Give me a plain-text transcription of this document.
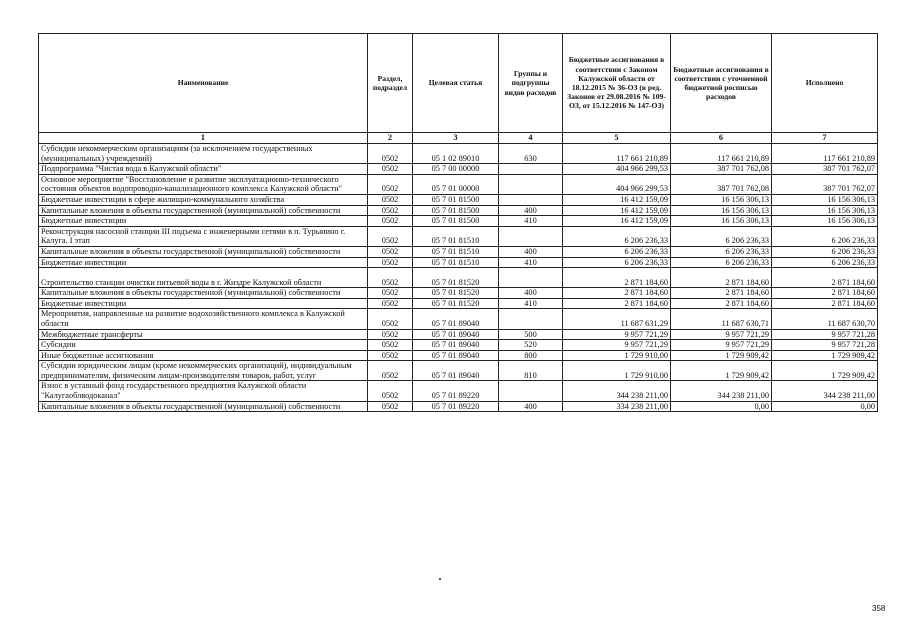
Наименование	Раздел, подраздел	Целевая статья	Группы и подгруппы видов расходов	Бюджетные ассигнования в соответствии с Законом Калужской области от 18.12.2015 № 36-ОЗ (в ред. Законов от 29.08.2016 № 109-ОЗ, от 15.12.2016 № 147-ОЗ)	Бюджетные ассигнования в соответствии с уточненной бюджетной росписью расходов	Исполнено
1	2	3	4	5	6	7
Субсидии некоммерческим организациям (за исключением государственных (муниципальных) учреждений)	0502	05 1 02 89010	630	117 661 210,89	117 661 210,89	117 661 210,89
Подпрограмма "Чистая вода в Калужской области"	0502	05 7 00 00000		404 966 299,53	387 701 762,08	387 701 762,07
Основное мероприятие "Восстановление и развитие эксплуатационно-технического состояния объектов водопроводно-канализационного комплекса Калужской области"	0502	05 7 01 00000		404 966 299,53	387 701 762,08	387 701 762,07
Бюджетные инвестиции в сфере жилищно-коммунального хозяйства	0502	05 7 01 81500		16 412 159,09	16 156 306,13	16 156 306,13
Капитальные вложения в объекты государственной (муниципальной) собственности	0502	05 7 01 81500	400	16 412 159,09	16 156 306,13	16 156 306,13
Бюджетные инвестиции	0502	05 7 01 81500	410	16 412 159,09	16 156 306,13	16 156 306,13
Реконструкция насосной станции III подъема с инженерными сетями в п. Турынино г. Калуга. I этап	0502	05 7 01 81510		6 206 236,33	6 206 236,33	6 206 236,33
Капитальные вложения в объекты государственной (муниципальной) собственности	0502	05 7 01 81510	400	6 206 236,33	6 206 236,33	6 206 236,33
Бюджетные инвестиции	0502	05 7 01 81510	410	6 206 236,33	6 206 236,33	6 206 236,33
Строительство станции очистки питьевой воды в г. Жиздре Калужской области	0502	05 7 01 81520		2 871 184,60	2 871 184,60	2 871 184,60
Капитальные вложения в объекты государственной (муниципальной) собственности	0502	05 7 01 81520	400	2 871 184,60	2 871 184,60	2 871 184,60
Бюджетные инвестиции	0502	05 7 01 81520	410	2 871 184,60	2 871 184,60	2 871 184,60
Мероприятия, направленные на развитие водохозяйственного комплекса в Калужской области	0502	05 7 01 89040		11 687 631,29	11 687 630,71	11 687 630,70
Межбюджетные трансферты	0502	05 7 01 89040	500	9 957 721,29	9 957 721,29	9 957 721,28
Субсидии	0502	05 7 01 89040	520	9 957 721,29	9 957 721,29	9 957 721,28
Иные бюджетные ассигнования	0502	05 7 01 89040	800	1 729 910,00	1 729 909,42	1 729 909,42
Субсидии юридическим лицам (кроме некоммерческих организаций), индивидуальным предпринимателям, физическим лицам-производителям товаров, работ, услуг	0502	05 7 01 89040	810	1 729 910,00	1 729 909,42	1 729 909,42
Взнос в уставный фонд государственного предприятия Калужской области "Калугаоблводоканал"	0502	05 7 01 89220		344 238 211,00	344 238 211,00	344 238 211,00
Капитальные вложения в объекты государственной (муниципальной) собственности	0502	05 7 01 89220	400	334 238 211,00	0,00	0,00
358
